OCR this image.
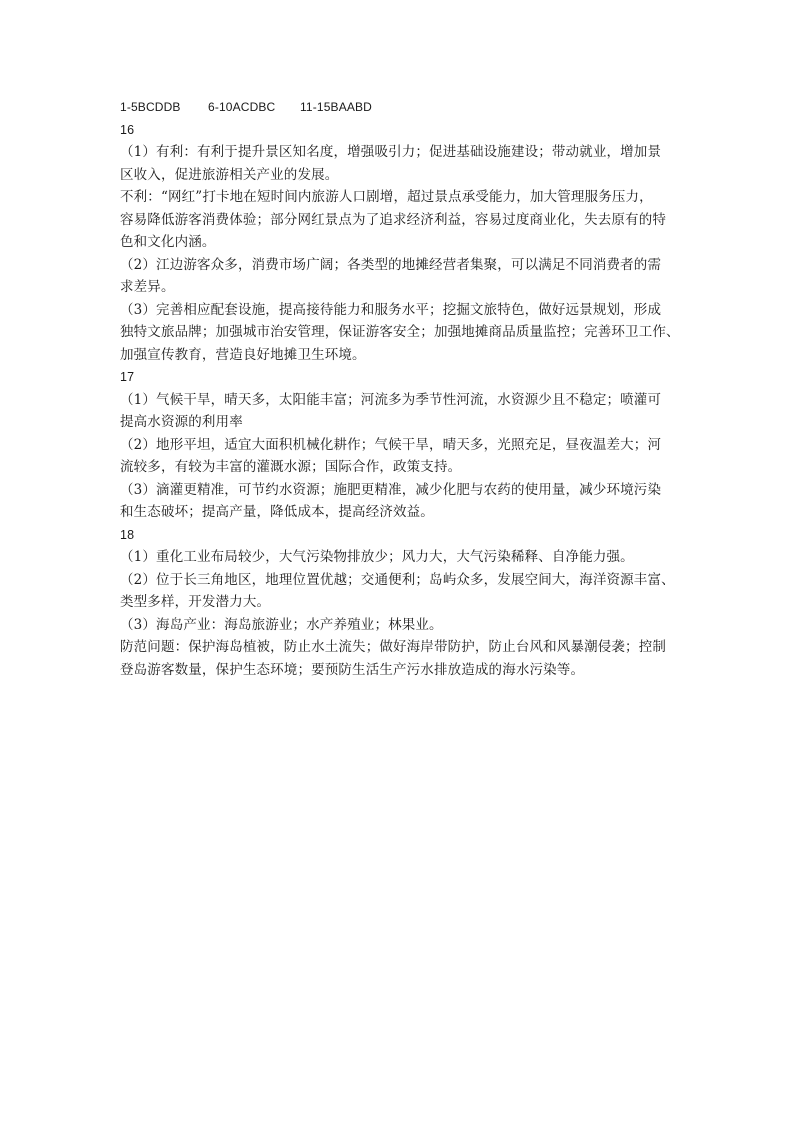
1-5BCDDB	6-10ACDBC	11-15BAABD
16
（1）有利：有利于提升景区知名度，增强吸引力；促进基础设施建设；带动就业，增加景
区收入，促进旅游相关产业的发展。
不利：“网红”打卡地在短时间内旅游人口剧增，超过景点承受能力，加大管理服务压力，
容易降低游客消费体验；部分网红景点为了追求经济利益，容易过度商业化，失去原有的特
色和文化内涵。
（2）江边游客众多，消费市场广阔；各类型的地摊经营者集聚，可以满足不同消费者的需
求差异。
（3）完善相应配套设施，提高接待能力和服务水平；挖掘文旅特色，做好远景规划，形成
独特文旅品牌；加强城市治安管理，保证游客安全；加强地摊商品质量监控；完善环卫工作、
加强宣传教育，营造良好地摊卫生环境。
17
（1）气候干旱，晴天多，太阳能丰富；河流多为季节性河流，水资源少且不稳定；喷灌可
提高水资源的利用率
（2）地形平坦，适宜大面积机械化耕作；气候干旱，晴天多，光照充足，昼夜温差大；河
流较多，有较为丰富的灌溉水源；国际合作，政策支持。
（3）滴灌更精准，可节约水资源；施肥更精准，减少化肥与农药的使用量，减少环境污染
和生态破坏；提高产量，降低成本，提高经济效益。
18
（1）重化工业布局较少，大气污染物排放少；风力大，大气污染稀释、自净能力强。
（2）位于长三角地区，地理位置优越；交通便利；岛屿众多，发展空间大，海洋资源丰富、
类型多样，开发潜力大。
（3）海岛产业：海岛旅游业；水产养殖业；林果业。
防范问题：保护海岛植被，防止水土流失；做好海岸带防护，防止台风和风暴潮侵袭；控制
登岛游客数量，保护生态环境；要预防生活生产污水排放造成的海水污染等。
